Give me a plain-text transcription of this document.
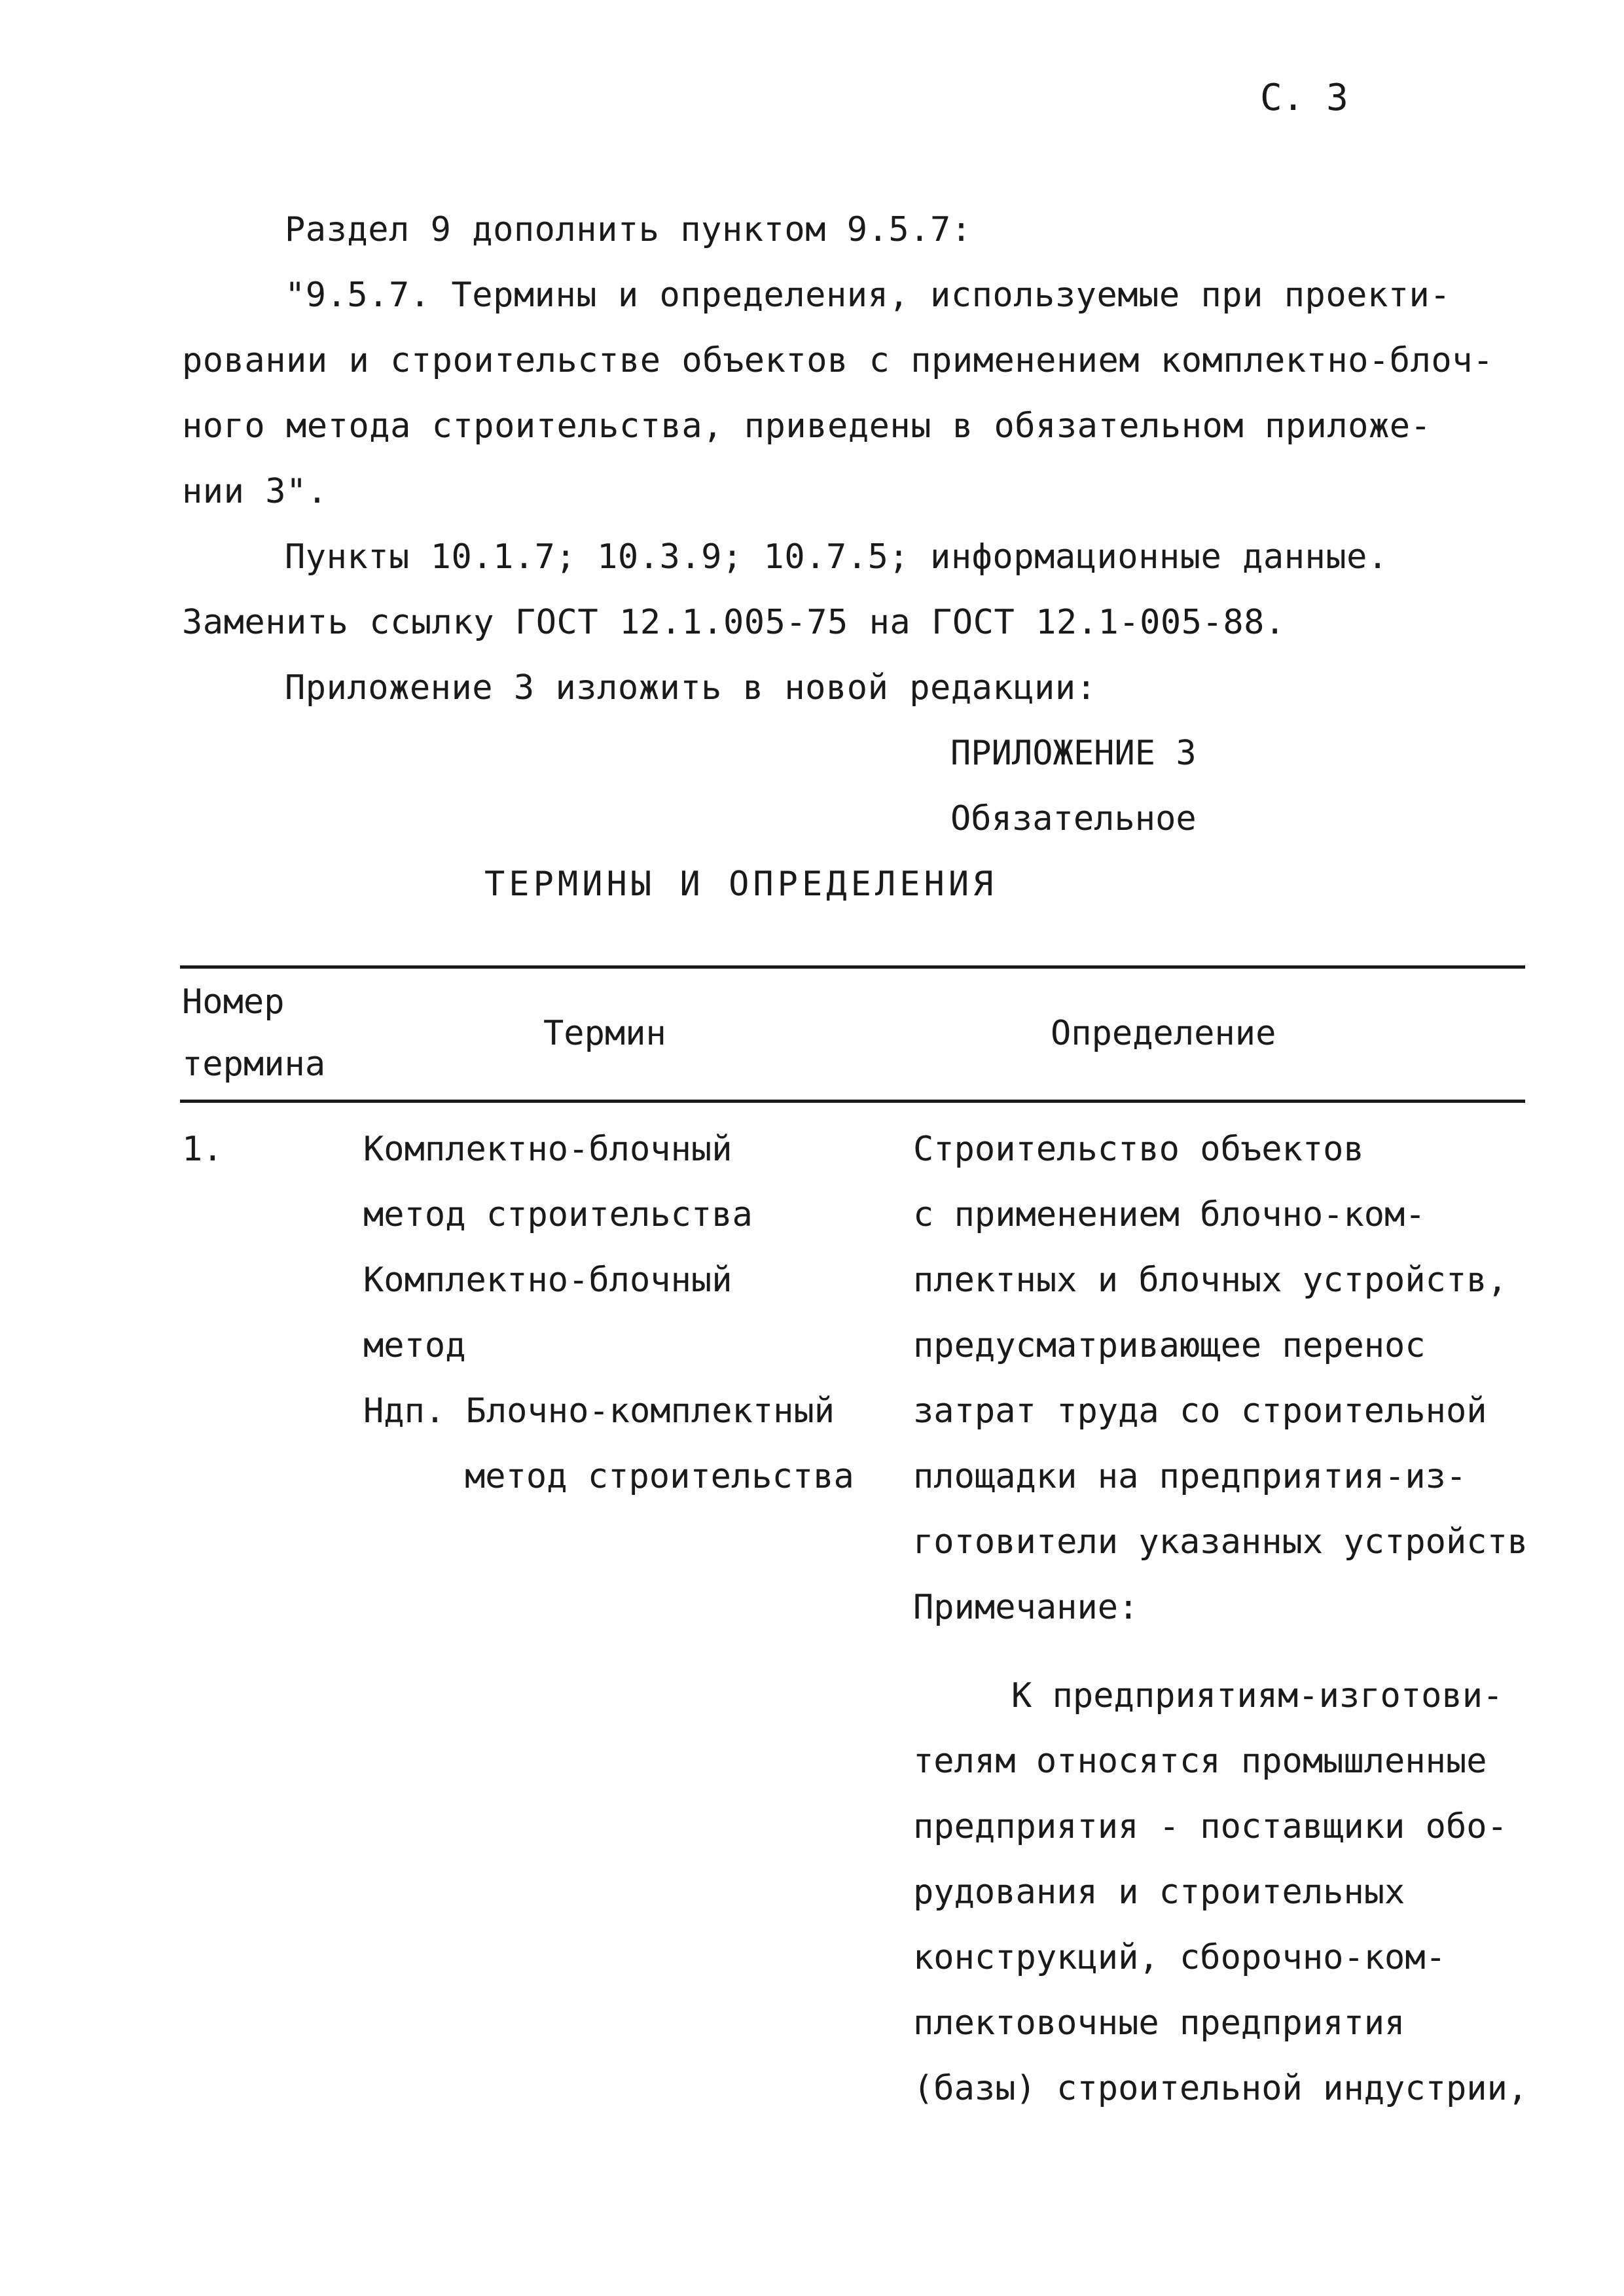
С. 3
Раздел 9 дополнить пунктом 9.5.7:
"9.5.7. Термины и определения, используемые при проекти-
ровании и строительстве объектов с применением комплектно-блоч-
ного метода строительства, приведены в обязательном приложе-
нии 3".
Пункты 10.1.7; 10.3.9; 10.7.5; информационные данные.
Заменить ссылку ГОСТ 12.1.005-75 на ГОСТ 12.1-005-88.
Приложение 3 изложить в новой редакции:
ПРИЛОЖЕНИЕ 3
Обязательное
ТЕРМИНЫ И ОПРЕДЕЛЕНИЯ
Номер
термина
Термин	Определение
1.	Комплектно-блочный
метод строительства
Комплектно-блочный
метод
Ндп. Блочно-комплектный
метод строительства
Строительство объектов
с применением блочно-ком-
плектных и блочных устройств,
предусматривающее перенос
затрат труда со строительной
площадки на предприятия-из-
готовители указанных устройств
Примечание:
К предприятиям-изготови-
телям относятся промышленные
предприятия - поставщики обо-
рудования и строительных
конструкций, сборочно-ком-
плектовочные предприятия
(базы) строительной индустрии,
